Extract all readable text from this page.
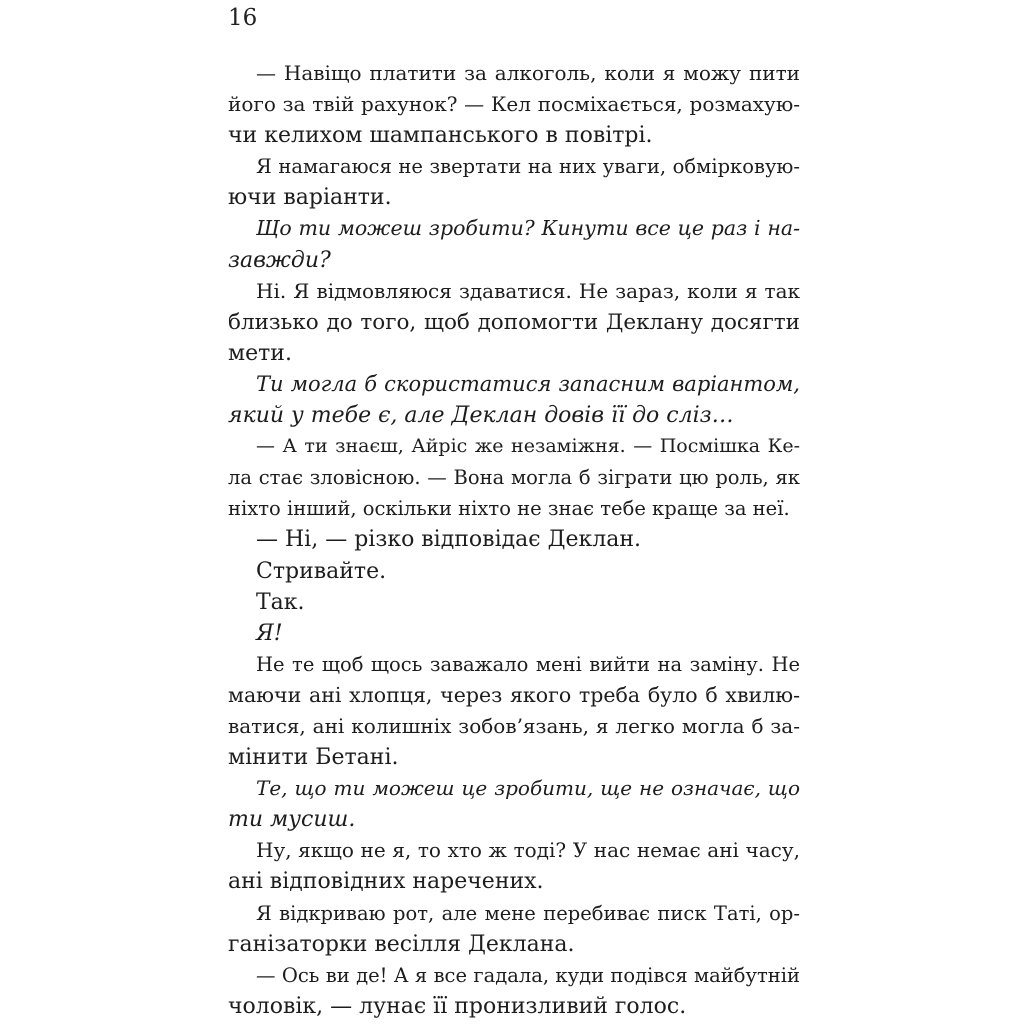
16
— Навіщо платити за алкоголь, коли я можу пити
його за твій рахунок? — Кел посміхається, розмахую-
чи келихом шампанського в повітрі.
Я намагаюся не звертати на них уваги, обмірковую-
ючи варіанти.
Що ти можеш зробити? Кинути все це раз і на-
завжди?
Ні. Я відмовляюся здаватися. Не зараз, коли я так
близько до того, щоб допомогти Деклану досягти
мети.
Ти могла б скористатися запасним варіантом,
який у тебе є, але Деклан довів її до сліз…
— А ти знаєш, Айріс же незаміжня. — Посмішка Ке-
ла стає зловісною. — Вона могла б зіграти цю роль, як
ніхто інший, оскільки ніхто не знає тебе краще за неї.
— Ні, — різко відповідає Деклан.
Стривайте.
Так.
Я!
Не те щоб щось заважало мені вийти на заміну. Не
маючи ані хлопця, через якого треба було б хвилю-
ватися, ані колишніх зобов’язань, я легко могла б за-
мінити Бетані.
Те, що ти можеш це зробити, ще не означає, що
ти мусиш.
Ну, якщо не я, то хто ж тоді? У нас немає ані часу,
ані відповідних наречених.
Я відкриваю рот, але мене перебиває писк Таті, ор-
ганізаторки весілля Деклана.
— Ось ви де! А я все гадала, куди подівся майбутній
чоловік, — лунає її пронизливий голос.
